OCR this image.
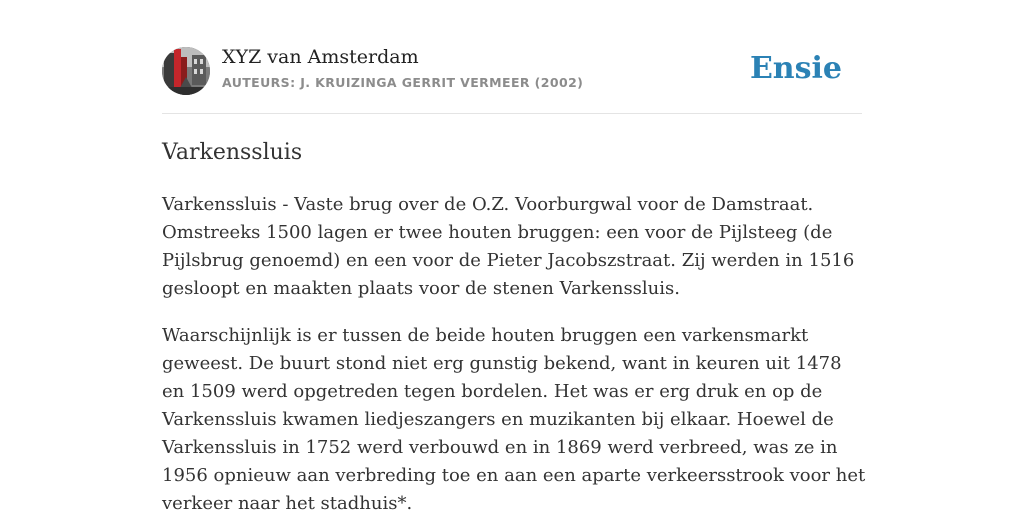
XYZ van Amsterdam
AUTEURS: J. KRUIZINGA GERRIT VERMEER (2002)	Ensie
Varkenssluis

Varkenssluis - Vaste brug over de O.Z. Voorburgwal voor de Damstraat. Omstreeks 1500 lagen er twee houten bruggen: een voor de Pijlsteeg (de Pijlsbrug genoemd) en een voor de Pieter Jacobszstraat. Zij werden in 1516 gesloopt en maakten plaats voor de stenen Varkenssluis.

Waarschijnlijk is er tussen de beide houten bruggen een varkensmarkt geweest. De buurt stond niet erg gunstig bekend, want in keuren uit 1478 en 1509 werd opgetreden tegen bordelen. Het was er erg druk en op de Varkenssluis kwamen liedjeszangers en muzikanten bij elkaar. Hoewel de Varkenssluis in 1752 werd verbouwd en in 1869 werd verbreed, was ze in 1956 opnieuw aan verbreding toe en aan een aparte verkeersstrook voor het verkeer naar het stadhuis*.
